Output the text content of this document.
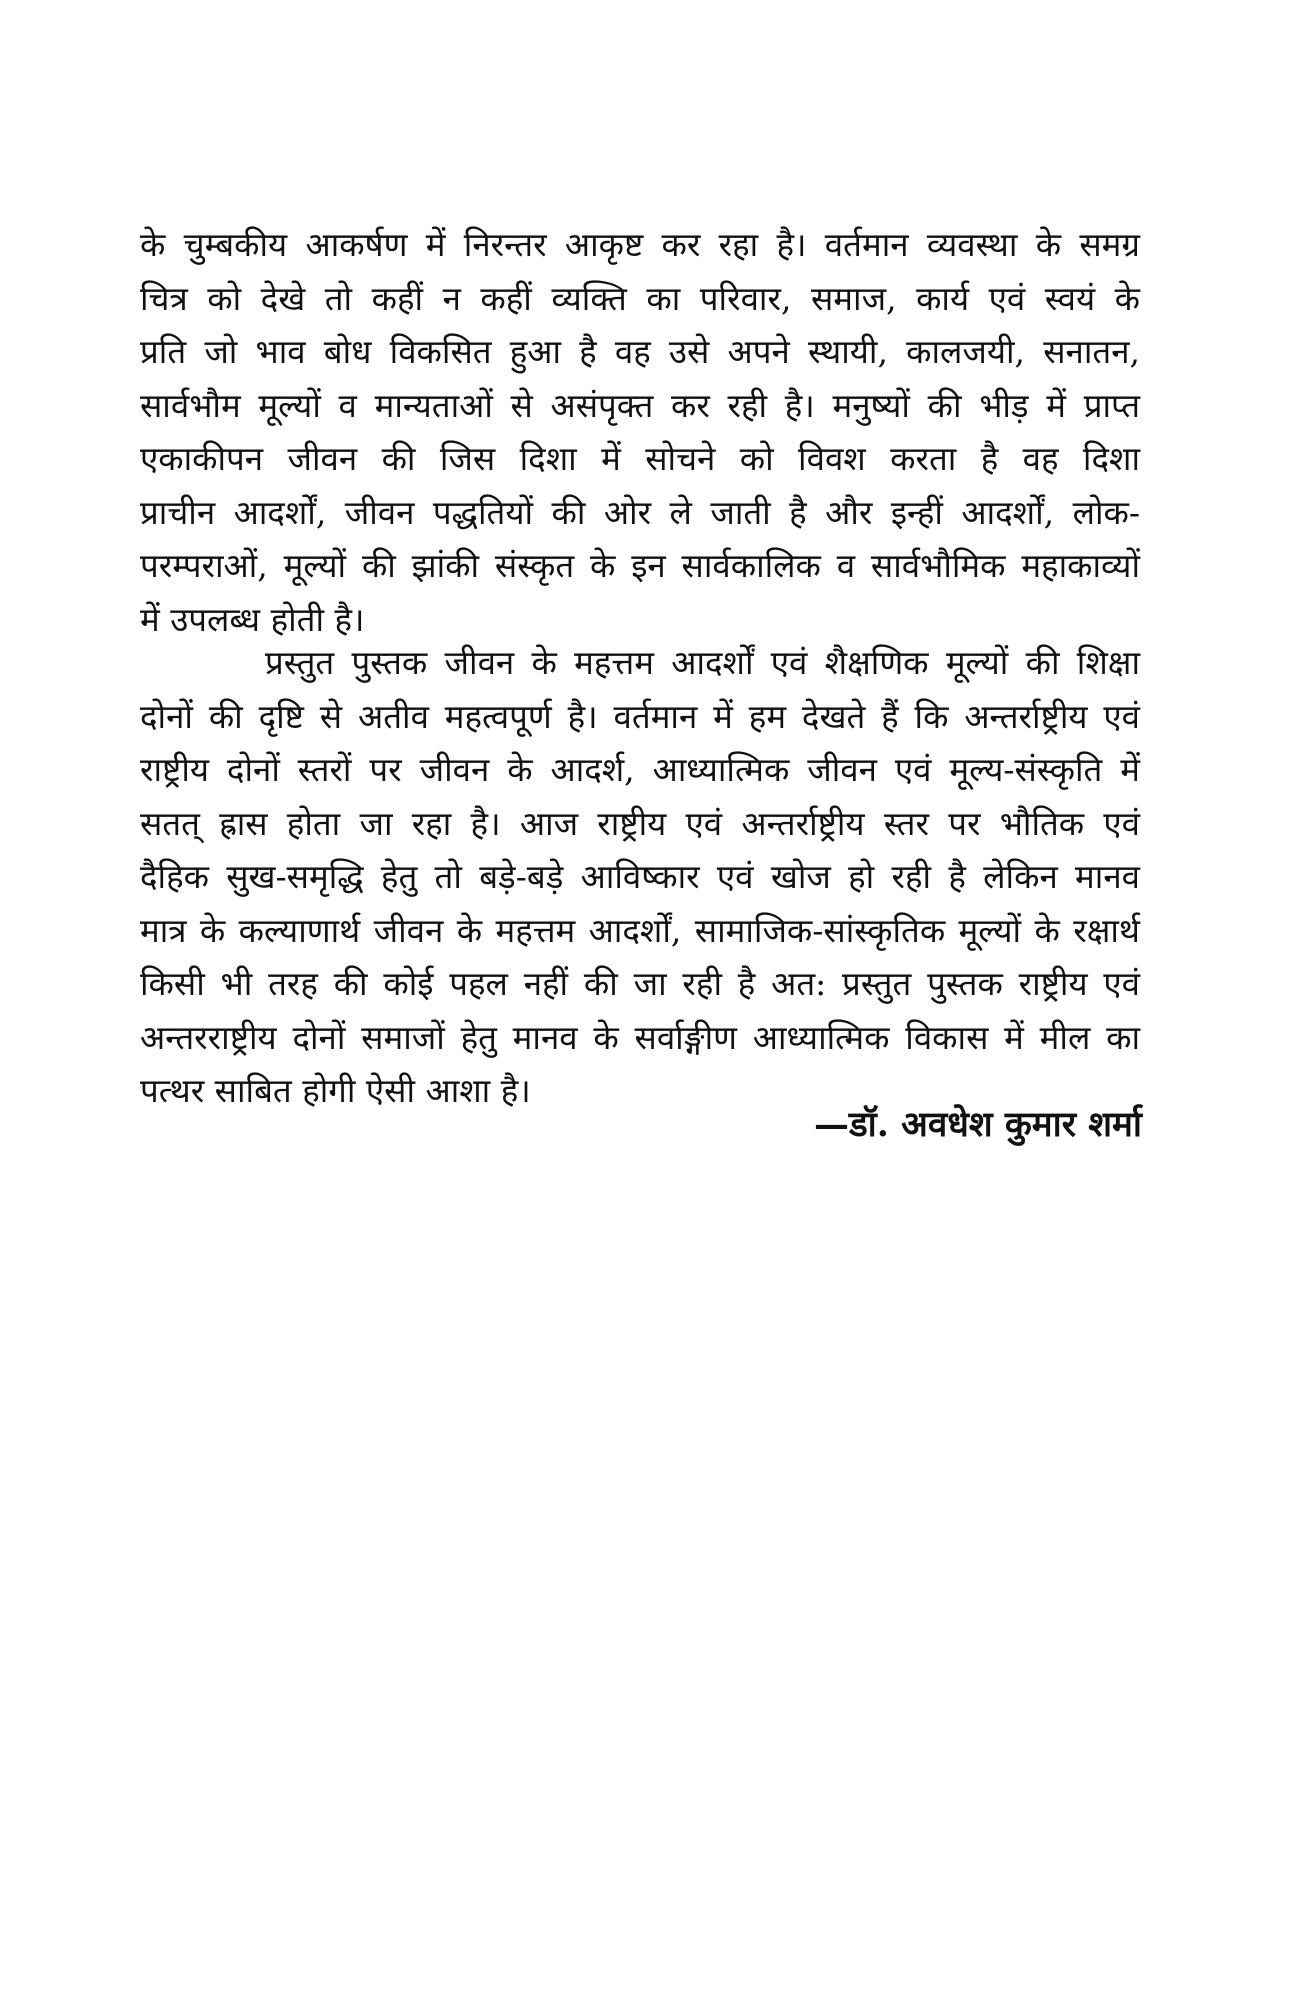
के चुम्बकीय आकर्षण में निरन्तर आकृष्ट कर रहा है। वर्तमान व्यवस्था के समग्र
चित्र को देखे तो कहीं न कहीं व्यक्ति का परिवार, समाज, कार्य एवं स्वयं के
प्रति जो भाव बोध विकसित हुआ है वह उसे अपने स्थायी, कालजयी, सनातन,
सार्वभौम मूल्यों व मान्यताओं से असंपृक्त कर रही है। मनुष्यों की भीड़ में प्राप्त
एकाकीपन जीवन की जिस दिशा में सोचने को विवश करता है वह दिशा
प्राचीन आदर्शों, जीवन पद्धतियों की ओर ले जाती है और इन्हीं आदर्शों, लोक-
परम्पराओं, मूल्यों की झांकी संस्कृत के इन सार्वकालिक व सार्वभौमिक महाकाव्यों
में उपलब्ध होती है।
प्रस्तुत पुस्तक जीवन के महत्तम आदर्शों एवं शैक्षणिक मूल्यों की शिक्षा
दोनों की दृष्टि से अतीव महत्वपूर्ण है। वर्तमान में हम देखते हैं कि अन्तर्राष्ट्रीय एवं
राष्ट्रीय दोनों स्तरों पर जीवन के आदर्श, आध्यात्मिक जीवन एवं मूल्य-संस्कृति में
सतत् ह्रास होता जा रहा है। आज राष्ट्रीय एवं अन्तर्राष्ट्रीय स्तर पर भौतिक एवं
दैहिक सुख-समृद्धि हेतु तो बड़े-बड़े आविष्कार एवं खोज हो रही है लेकिन मानव
मात्र के कल्याणार्थ जीवन के महत्तम आदर्शों, सामाजिक-सांस्कृतिक मूल्यों के रक्षार्थ
किसी भी तरह की कोई पहल नहीं की जा रही है अत: प्रस्तुत पुस्तक राष्ट्रीय एवं
अन्तरराष्ट्रीय दोनों समाजों हेतु मानव के सर्वाङ्गीण आध्यात्मिक विकास में मील का
पत्थर साबित होगी ऐसी आशा है।
—डॉ. अवधेश कुमार शर्मा
